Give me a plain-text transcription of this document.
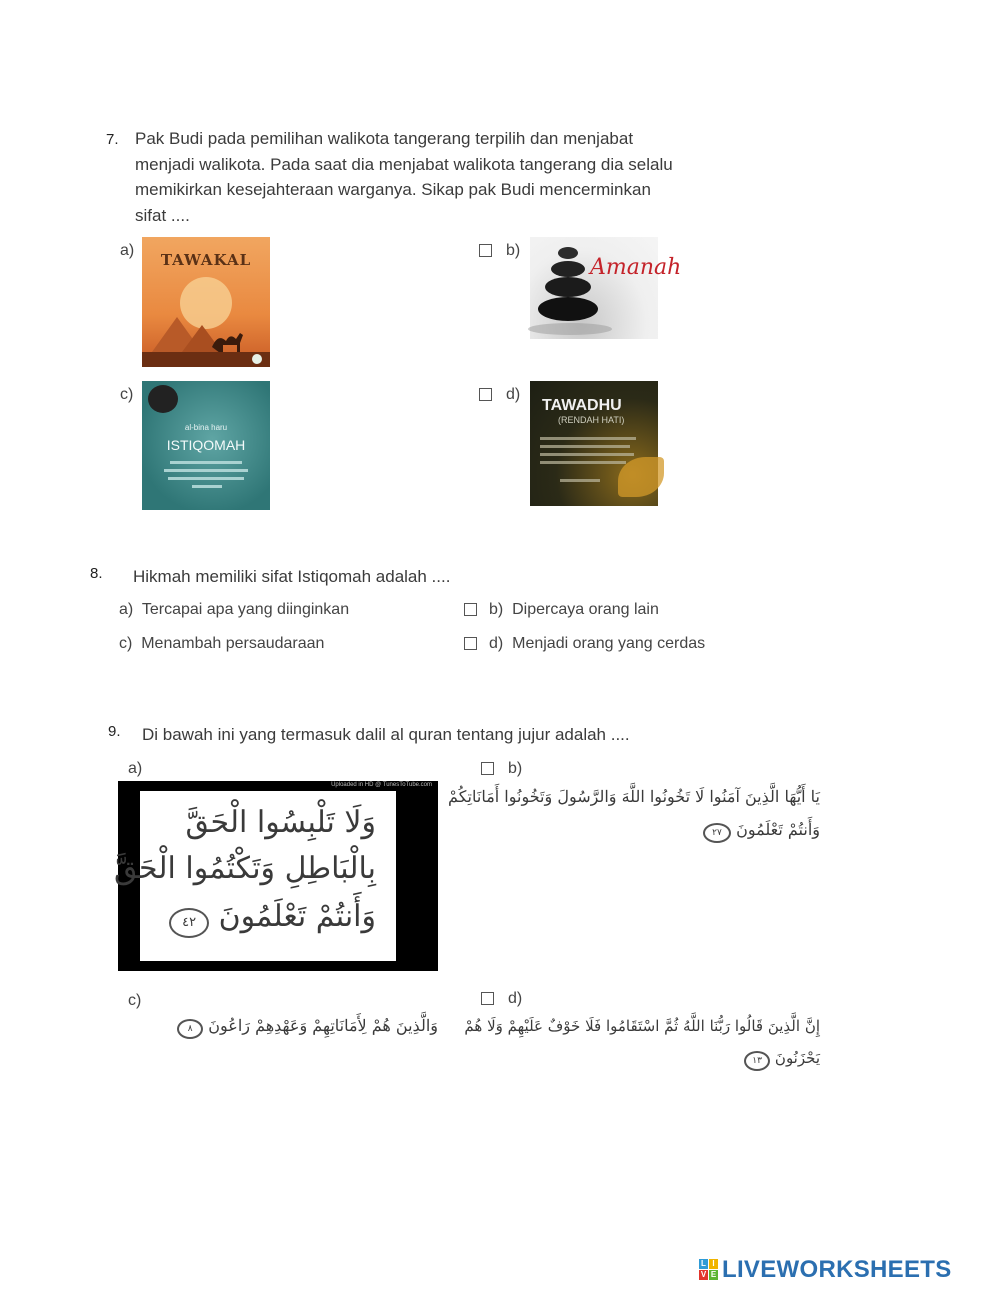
7. Pak Budi pada pemilihan walikota tangerang terpilih dan menjabat menjadi walikota. Pada saat dia menjabat walikota tangerang dia selalu memikirkan kesejahteraan warganya. Sikap pak Budi mencerminkan sifat ....
a)
TAWAKAL
b)
Amanah
c)
al-bina haru
ISTIQOMAH
d)
TAWADHU
(RENDAH HATI)
8. Hikmah memiliki sifat Istiqomah adalah ....
a) Tercapai apa yang diinginkan	b) Dipercaya orang lain
c) Menambah persaudaraan	d) Menjadi orang yang cerdas
9. Di bawah ini yang termasuk dalil al quran tentang jujur adalah ....
a)
Uploaded in HD @ TunesToTube.com
وَلَا تَلْبِسُوا الْحَقَّ
بِالْبَاطِلِ وَتَكْتُمُوا الْحَقَّ
وَأَنتُمْ تَعْلَمُونَ ٤٢
b)
يَا أَيُّهَا الَّذِينَ آمَنُوا لَا تَخُونُوا اللَّهَ وَالرَّسُولَ وَتَخُونُوا أَمَانَاتِكُمْ
وَأَنتُمْ تَعْلَمُونَ ٢٧
c)
وَالَّذِينَ هُمْ لِأَمَانَاتِهِمْ وَعَهْدِهِمْ رَاعُونَ ٨
d)
إِنَّ الَّذِينَ قَالُوا رَبُّنَا اللَّهُ ثُمَّ اسْتَقَامُوا فَلَا خَوْفٌ عَلَيْهِمْ وَلَا هُمْ
يَحْزَنُونَ ١٣
L I
V E LIVEWORKSHEETS
